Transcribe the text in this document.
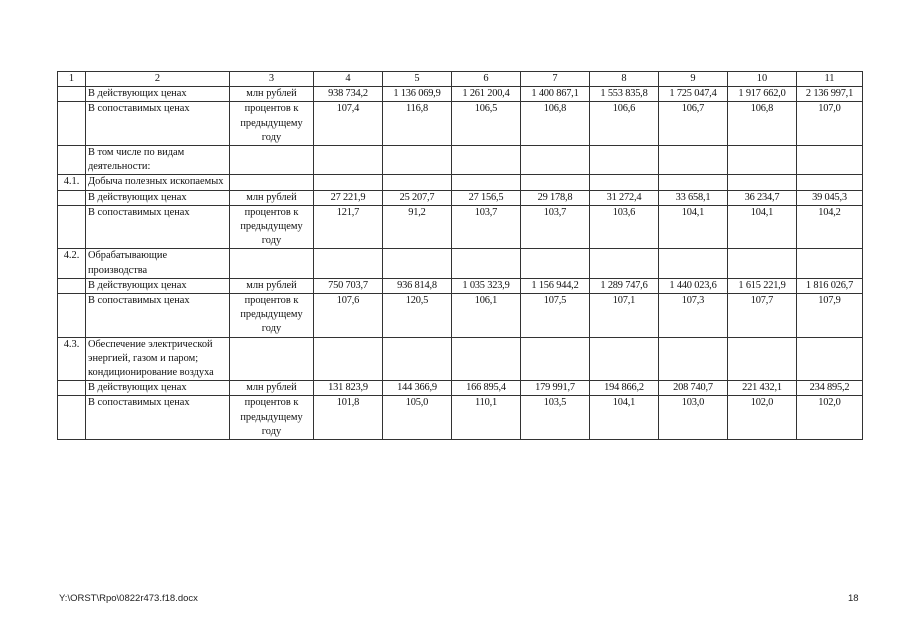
1	2	3	4	5	6	7	8	9	10	11
	В действующих ценах	млн рублей	938 734,2	1 136 069,9	1 261 200,4	1 400 867,1	1 553 835,8	1 725 047,4	1 917 662,0	2 136 997,1
	В сопоставимых ценах	процентов к предыдущему году	107,4	116,8	106,5	106,8	106,6	106,7	106,8	107,0
	В том числе по видам деятельности:									
4.1.	Добыча полезных ископаемых									
	В действующих ценах	млн рублей	27 221,9	25 207,7	27 156,5	29 178,8	31 272,4	33 658,1	36 234,7	39 045,3
	В сопоставимых ценах	процентов к предыдущему году	121,7	91,2	103,7	103,7	103,6	104,1	104,1	104,2
4.2.	Обрабатывающие производства									
	В действующих ценах	млн рублей	750 703,7	936 814,8	1 035 323,9	1 156 944,2	1 289 747,6	1 440 023,6	1 615 221,9	1 816 026,7
	В сопоставимых ценах	процентов к предыдущему году	107,6	120,5	106,1	107,5	107,1	107,3	107,7	107,9
4.3.	Обеспечение электрической энергией, газом и паром; кондиционирование воздуха									
	В действующих ценах	млн рублей	131 823,9	144 366,9	166 895,4	179 991,7	194 866,2	208 740,7	221 432,1	234 895,2
	В сопоставимых ценах	процентов к предыдущему году	101,8	105,0	110,1	103,5	104,1	103,0	102,0	102,0
Y:\ORST\Rpo\0822r473.f18.docx	18
